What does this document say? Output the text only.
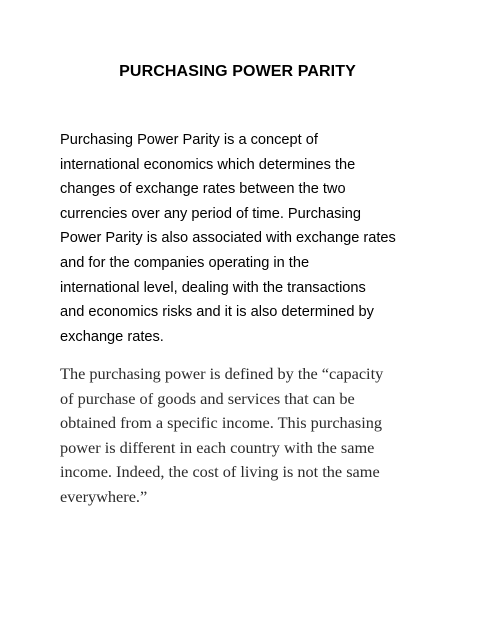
PURCHASING POWER PARITY

Purchasing Power Parity is a concept of
international economics which determines the
changes of exchange rates between the two
currencies over any period of time. Purchasing
Power Parity is also associated with exchange rates
and for the companies operating in the
international level, dealing with the transactions
and economics risks and it is also determined by
exchange rates.

The purchasing power is defined by the “capacity
of purchase of goods and services that can be
obtained from a specific income. This purchasing
power is different in each country with the same
income. Indeed, the cost of living is not the same
everywhere.”
